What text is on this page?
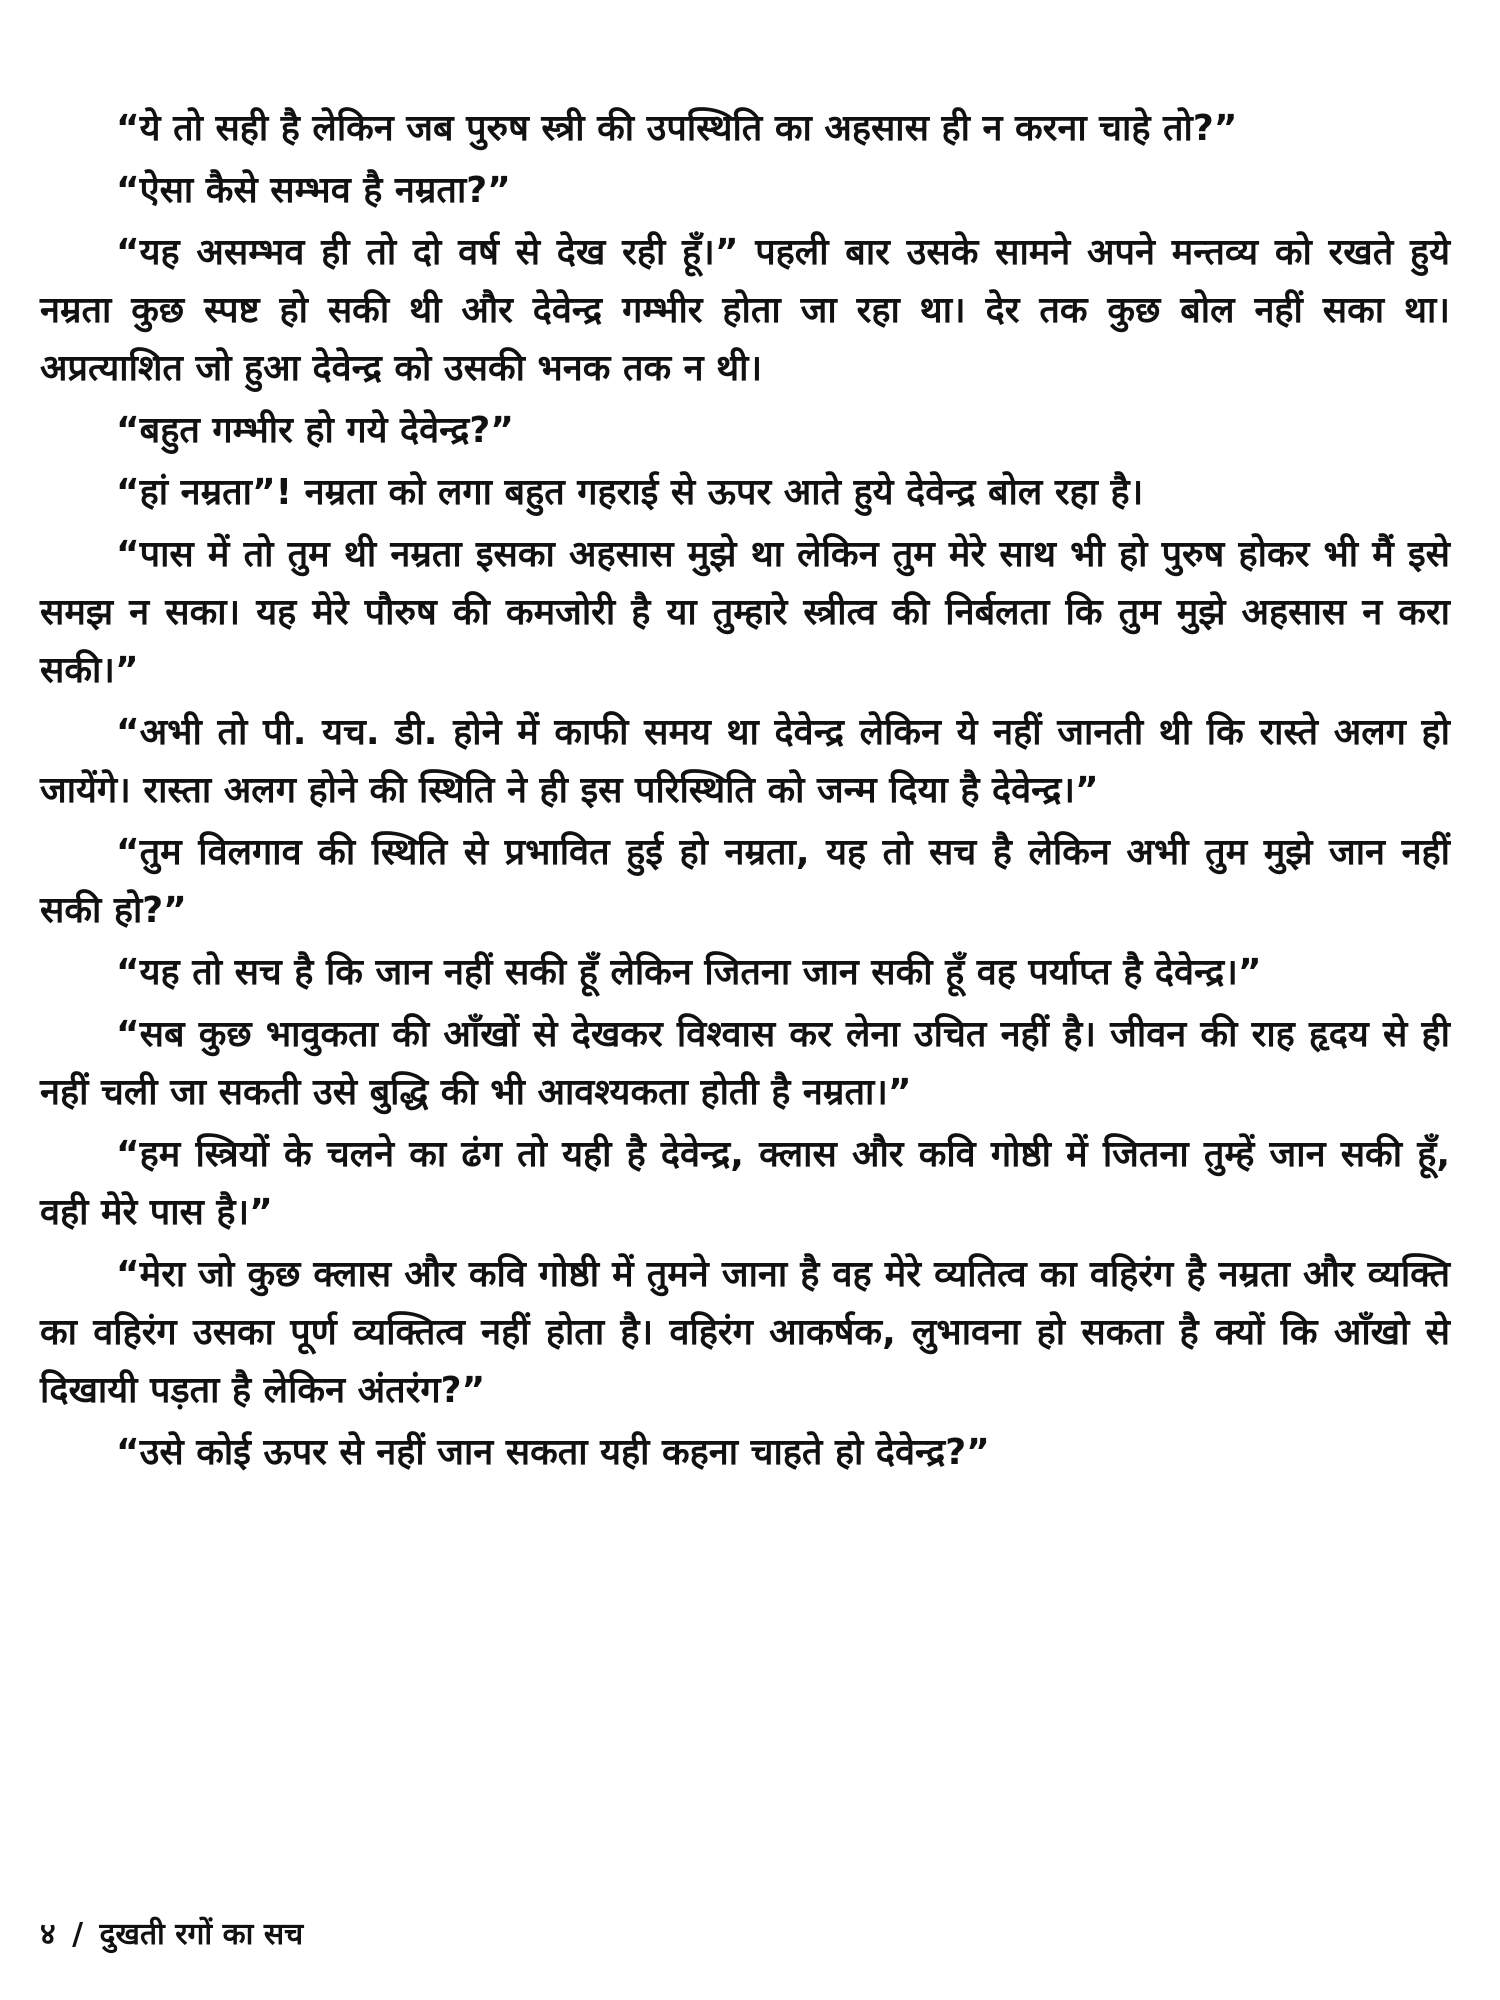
“ये तो सही है लेकिन जब पुरुष स्त्री की उपस्थिति का अहसास ही न करना चाहे तो?”

“ऐसा कैसे सम्भव है नम्रता?”

“यह असम्भव ही तो दो वर्ष से देख रही हूँ।” पहली बार उसके सामने अपने मन्तव्य को रखते हुये नम्रता कुछ स्पष्ट हो सकी थी और देवेन्द्र गम्भीर होता जा रहा था। देर तक कुछ बोल नहीं सका था। अप्रत्याशित जो हुआ देवेन्द्र को उसकी भनक तक न थी।

“बहुत गम्भीर हो गये देवेन्द्र?”

“हां नम्रता”! नम्रता को लगा बहुत गहराई से ऊपर आते हुये देवेन्द्र बोल रहा है।

“पास में तो तुम थी नम्रता इसका अहसास मुझे था लेकिन तुम मेरे साथ भी हो पुरुष होकर भी मैं इसे समझ न सका। यह मेरे पौरुष की कमजोरी है या तुम्हारे स्त्रीत्व की निर्बलता कि तुम मुझे अहसास न करा सकी।”

“अभी तो पी. यच. डी. होने में काफी समय था देवेन्द्र लेकिन ये नहीं जानती थी कि रास्ते अलग हो जायेंगे। रास्ता अलग होने की स्थिति ने ही इस परिस्थिति को जन्म दिया है देवेन्द्र।”

“तुम विलगाव की स्थिति से प्रभावित हुई हो नम्रता, यह तो सच है लेकिन अभी तुम मुझे जान नहीं सकी हो?”

“यह तो सच है कि जान नहीं सकी हूँ लेकिन जितना जान सकी हूँ वह पर्याप्त है देवेन्द्र।”

“सब कुछ भावुकता की आँखों से देखकर विश्वास कर लेना उचित नहीं है। जीवन की राह हृदय से ही नहीं चली जा सकती उसे बुद्धि की भी आवश्यकता होती है नम्रता।”

“हम स्त्रियों के चलने का ढंग तो यही है देवेन्द्र, क्लास और कवि गोष्ठी में जितना तुम्हें जान सकी हूँ, वही मेरे पास है।”

“मेरा जो कुछ क्लास और कवि गोष्ठी में तुमने जाना है वह मेरे व्यतित्व का वहिरंग है नम्रता और व्यक्ति का वहिरंग उसका पूर्ण व्यक्तित्व नहीं होता है। वहिरंग आकर्षक, लुभावना हो सकता है क्यों कि आँखो से दिखायी पड़ता है लेकिन अंतरंग?”

“उसे कोई ऊपर से नहीं जान सकता यही कहना चाहते हो देवेन्द्र?”

४ / दुखती रगों का सच
